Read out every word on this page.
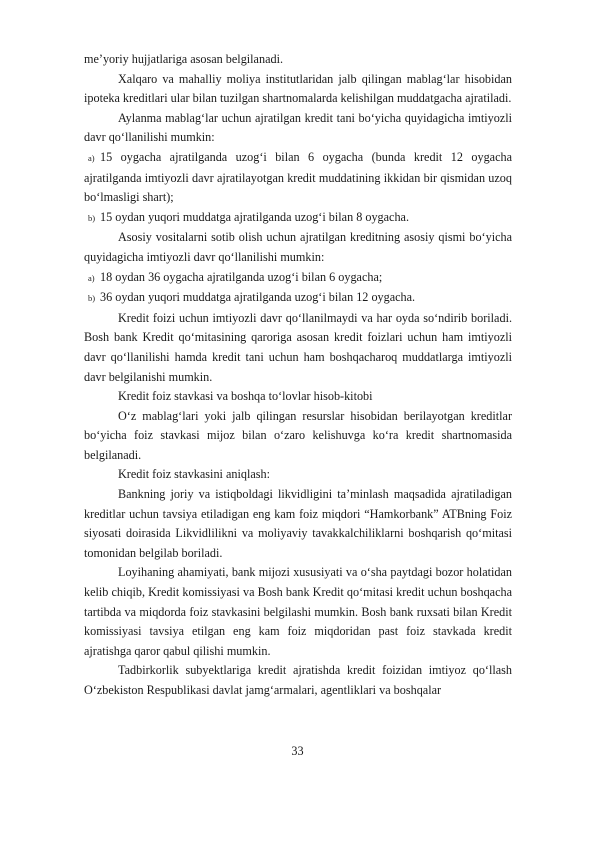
meʼyoriy hujjatlariga asosan belgilanadi.

Xalqaro va mahalliy moliya institutlaridan jalb qilingan mablag‘lar hisobidan ipoteka kreditlari ular bilan tuzilgan shartnomalarda kelishilgan muddatgacha ajratiladi.

Aylanma mablag‘lar uchun ajratilgan kredit tani bo‘yicha quyidagicha imtiyozli davr qo‘llanilishi mumkin:

a) 15 oygacha ajratilganda uzog‘i bilan 6 oygacha (bunda kredit 12 oygacha ajratilganda imtiyozli davr ajratilayotgan kredit muddatining ikkidan bir qismidan uzoq bo‘lmasligi shart);

b) 15 oydan yuqori muddatga ajratilganda uzog‘i bilan 8 oygacha.

Asosiy vositalarni sotib olish uchun ajratilgan kreditning asosiy qismi bo‘yicha quyidagicha imtiyozli davr qo‘llanilishi mumkin:

a) 18 oydan 36 oygacha ajratilganda uzog‘i bilan 6 oygacha;

b) 36 oydan yuqori muddatga ajratilganda uzog‘i bilan 12 oygacha.

Kredit foizi uchun imtiyozli davr qo‘llanilmaydi va har oyda so‘ndirib boriladi. Bosh bank Kredit qo‘mitasining qaroriga asosan kredit foizlari uchun ham imtiyozli davr qo‘llanilishi hamda kredit tani uchun ham boshqacharoq muddatlarga imtiyozli davr belgilanishi mumkin.

Kredit foiz stavkasi va boshqa to‘lovlar hisob-kitobi

O‘z mablag‘lari yoki jalb qilingan resurslar hisobidan berilayotgan kreditlar bo‘yicha foiz stavkasi mijoz bilan o‘zaro kelishuvga ko‘ra kredit shartnomasida belgilanadi.

Kredit foiz stavkasini aniqlash:

Bankning joriy va istiqboldagi likvidligini taʼminlash maqsadida ajratiladigan kreditlar uchun tavsiya etiladigan eng kam foiz miqdori “Hamkorbank” ATBning Foiz siyosati doirasida Likvidlilikni va moliyaviy tavakkalchiliklarni boshqarish qo‘mitasi tomonidan belgilab boriladi.

Loyihaning ahamiyati, bank mijozi xususiyati va o‘sha paytdagi bozor holatidan kelib chiqib, Kredit komissiyasi va Bosh bank Kredit qo‘mitasi kredit uchun boshqacha tartibda va miqdorda foiz stavkasini belgilashi mumkin. Bosh bank ruxsati bilan Kredit komissiyasi tavsiya etilgan eng kam foiz miqdoridan past foiz stavkada kredit ajratishga qaror qabul qilishi mumkin.

Tadbirkorlik subyektlariga kredit ajratishda kredit foizidan imtiyoz qo‘llash O‘zbekiston Respublikasi davlat jamg‘armalari, agentliklari va boshqalar

33
